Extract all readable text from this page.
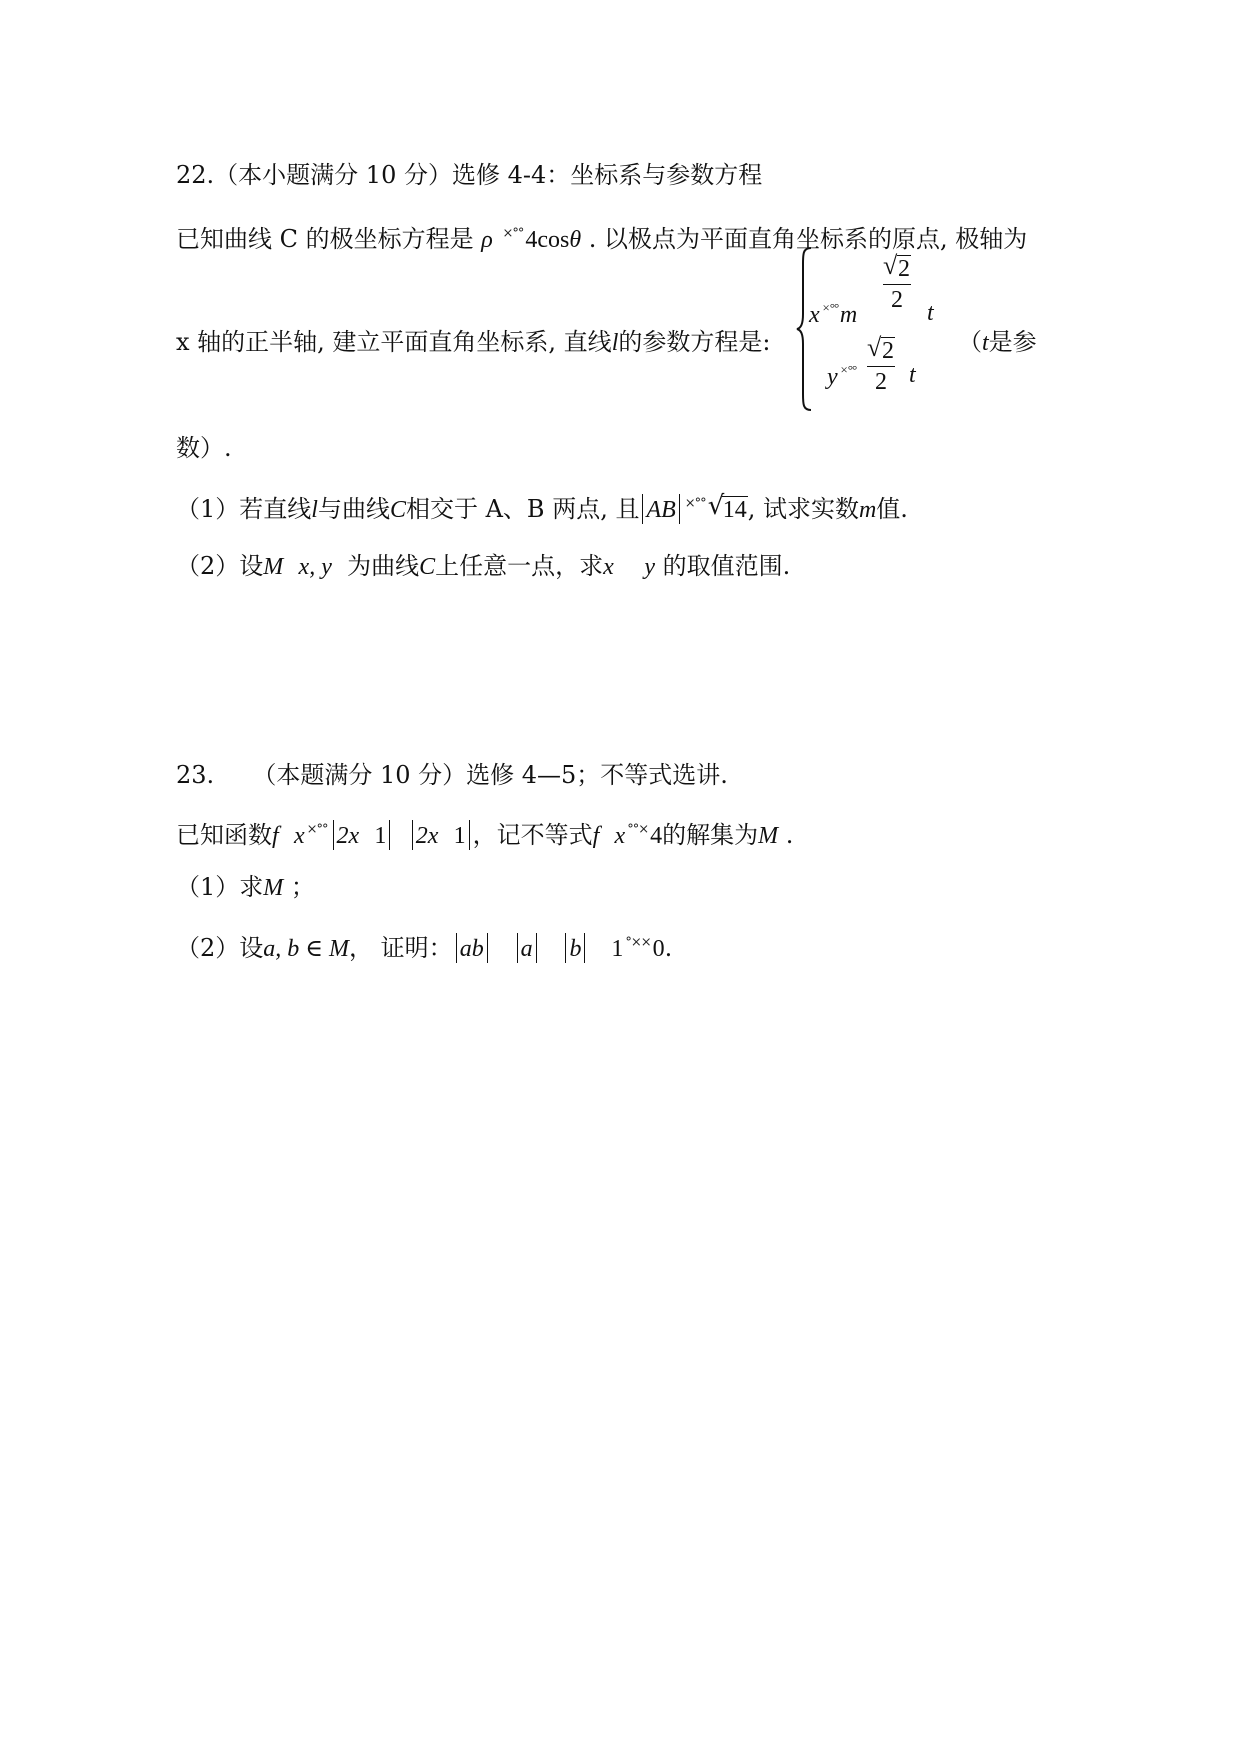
22.（本小题满分 10 分）选修 4-4：坐标系与参数方程
已知曲线 C 的极坐标方程是 ρ ×°°4cosθ . 以极点为平面直角坐标系的原点, 极轴为
x 轴的正半轴, 建立平面直角坐标系, 直线l的参数方程是:
x $^{\times^\circ^\circ}m \frac{√ 2}{2}$ t
y $^{\times^\circ^\circ} \frac{√ 2}{2}$ t
（t是参
数）.
（1）若直线l与曲线C相交于 A、B 两点, 且 AB ×°° √
14, 试求实数m值.
（2）设M x, y 为曲线C上任意一点，求x y 的取值范围.
23. （本题满分 10 分）选修 4—5；不等式选讲.
已知函数f x ×°° 2x 1 2x 1 ，记不等式f x °°×4的解集为M .
（1）求M ；
（2）设a, b ∈ M， 证明： ab a b 1 °××0.
